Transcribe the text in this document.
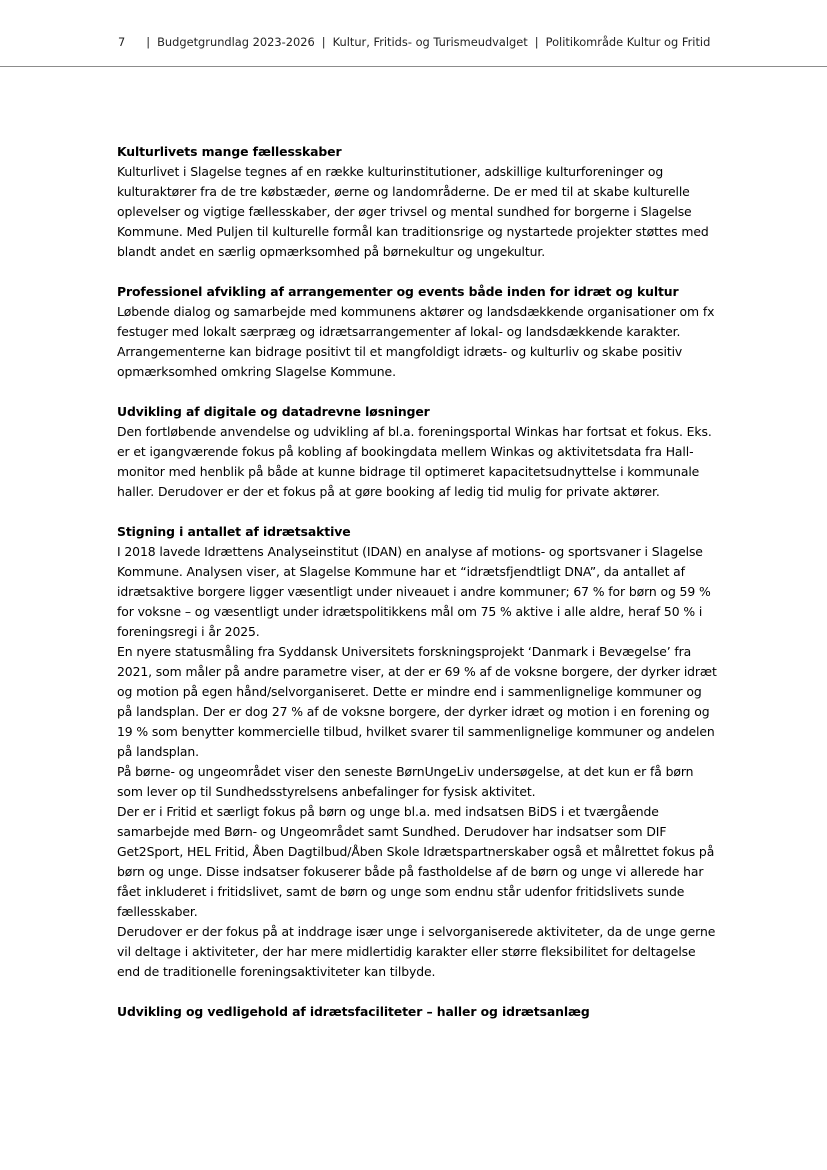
7 | Budgetgrundlag 2023-2026 | Kultur, Fritids- og Turismeudvalget | Politikområde Kultur og Fritid
Kulturlivets mange fællesskaber

Kulturlivet i Slagelse tegnes af en række kulturinstitutioner, adskillige kulturforeninger og kulturaktører fra de tre købstæder, øerne og landområderne. De er med til at skabe kulturelle oplevelser og vigtige fællesskaber, der øger trivsel og mental sundhed for borgerne i Slagelse Kommune. Med Puljen til kulturelle formål kan traditionsrige og nystartede projekter støttes med blandt andet en særlig opmærksomhed på børnekultur og ungekultur.

Professionel afvikling af arrangementer og events både inden for idræt og kultur

Løbende dialog og samarbejde med kommunens aktører og landsdækkende organisationer om fx festuger med lokalt særpræg og idrætsarrangementer af lokal- og landsdækkende karakter. Arrangementerne kan bidrage positivt til et mangfoldigt idræts- og kulturliv og skabe positiv opmærksomhed omkring Slagelse Kommune.

Udvikling af digitale og datadrevne løsninger

Den fortløbende anvendelse og udvikling af bl.a. foreningsportal Winkas har fortsat et fokus. Eks. er et igangværende fokus på kobling af bookingdata mellem Winkas og aktivitetsdata fra Hall-monitor med henblik på både at kunne bidrage til optimeret kapacitetsudnyttelse i kommunale haller. Derudover er der et fokus på at gøre booking af ledig tid mulig for private aktører.

Stigning i antallet af idrætsaktive

I 2018 lavede Idrættens Analyseinstitut (IDAN) en analyse af motions- og sportsvaner i Slagelse Kommune. Analysen viser, at Slagelse Kommune har et “idrætsfjendtligt DNA”, da antallet af idrætsaktive borgere ligger væsentligt under niveauet i andre kommuner; 67 % for børn og 59 % for voksne – og væsentligt under idrætspolitikkens mål om 75 % aktive i alle aldre, heraf 50 % i foreningsregi i år 2025.

En nyere statusmåling fra Syddansk Universitets forskningsprojekt ‘Danmark i Bevægelse’ fra 2021, som måler på andre parametre viser, at der er 69 % af de voksne borgere, der dyrker idræt og motion på egen hånd/selvorganiseret. Dette er mindre end i sammenlignelige kommuner og på landsplan. Der er dog 27 % af de voksne borgere, der dyrker idræt og motion i en forening og 19 % som benytter kommercielle tilbud, hvilket svarer til sammenlignelige kommuner og andelen på landsplan.

På børne- og ungeområdet viser den seneste BørnUngeLiv undersøgelse, at det kun er få børn som lever op til Sundhedsstyrelsens anbefalinger for fysisk aktivitet.

Der er i Fritid et særligt fokus på børn og unge bl.a. med indsatsen BiDS i et tværgående samarbejde med Børn- og Ungeområdet samt Sundhed. Derudover har indsatser som DIF Get2Sport, HEL Fritid, Åben Dagtilbud/Åben Skole Idrætspartnerskaber også et målrettet fokus på børn og unge. Disse indsatser fokuserer både på fastholdelse af de børn og unge vi allerede har fået inkluderet i fritidslivet, samt de børn og unge som endnu står udenfor fritidslivets sunde fællesskaber.

Derudover er der fokus på at inddrage især unge i selvorganiserede aktiviteter, da de unge gerne vil deltage i aktiviteter, der har mere midlertidig karakter eller større fleksibilitet for deltagelse end de traditionelle foreningsaktiviteter kan tilbyde.

Udvikling og vedligehold af idrætsfaciliteter – haller og idrætsanlæg
